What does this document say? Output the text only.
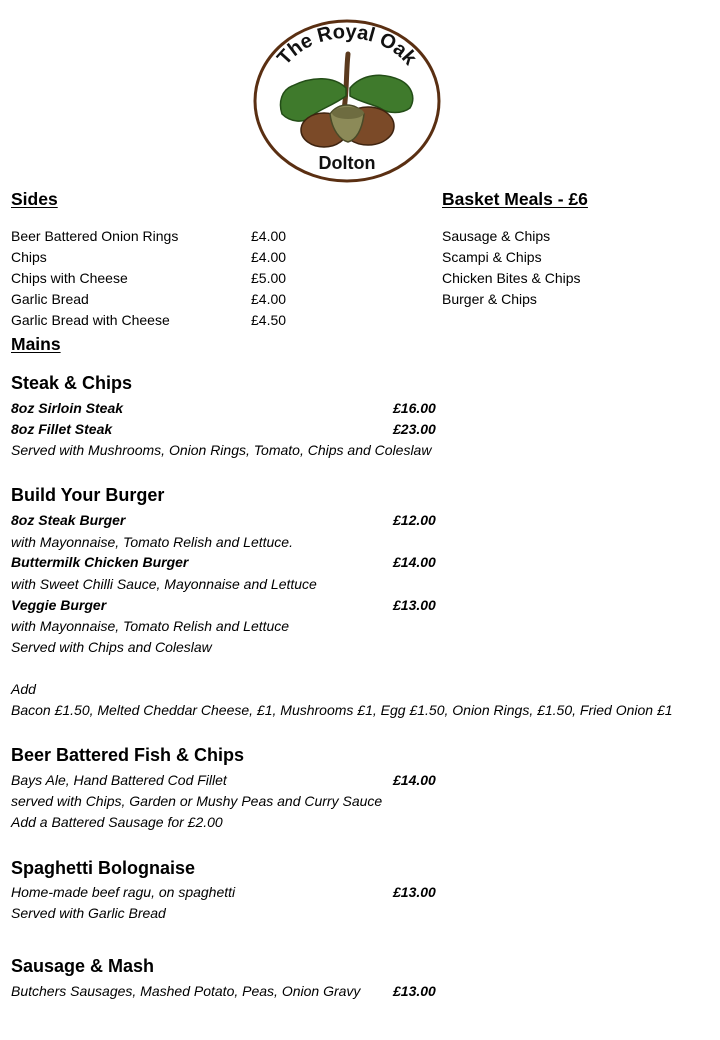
The Royal Oak
Dolton
Sides
Beer Battered Onion Rings	£4.00
Chips	£4.00
Chips with Cheese	£5.00
Garlic Bread	£4.00
Garlic Bread with Cheese	£4.50
Basket Meals - £6
Sausage & Chips
Scampi & Chips
Chicken Bites & Chips
Burger & Chips
Mains
Steak & Chips
8oz Sirloin Steak	£16.00
8oz Fillet Steak	£23.00
Served with Mushrooms, Onion Rings, Tomato, Chips and Coleslaw
Build Your Burger
8oz Steak Burger	£12.00
with Mayonnaise, Tomato Relish and Lettuce.
Buttermilk Chicken Burger	£14.00
with Sweet Chilli Sauce, Mayonnaise and Lettuce
Veggie Burger	£13.00
with Mayonnaise, Tomato Relish and Lettuce
Served with Chips and Coleslaw
Add
Bacon £1.50, Melted Cheddar Cheese, £1, Mushrooms £1, Egg £1.50, Onion Rings, £1.50, Fried Onion £1
Beer Battered Fish & Chips
Bays Ale, Hand Battered Cod Fillet	£14.00
served with Chips, Garden or Mushy Peas and Curry Sauce
Add a Battered Sausage for £2.00
Spaghetti Bolognaise
Home-made beef ragu, on spaghetti	£13.00
Served with Garlic Bread
Sausage & Mash
Butchers Sausages, Mashed Potato, Peas, Onion Gravy £13.00
